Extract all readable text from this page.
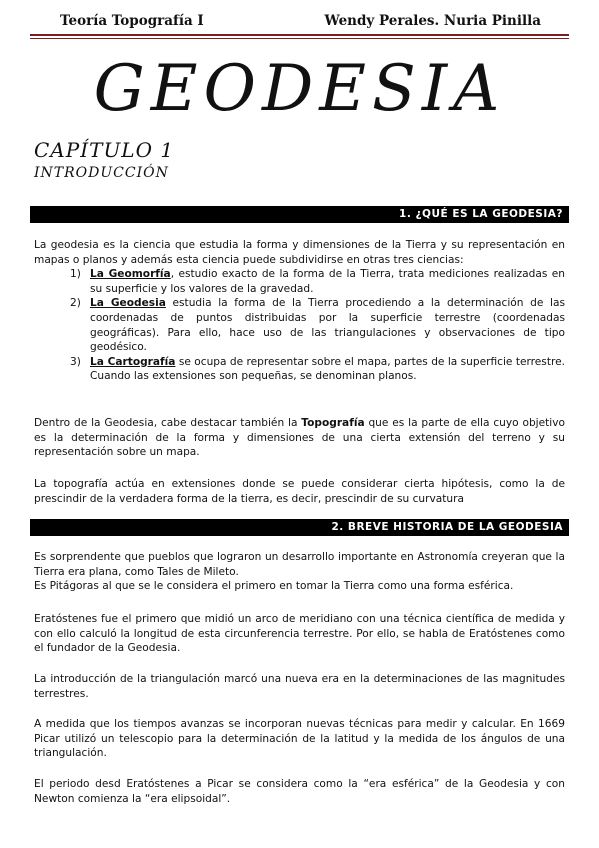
Teoría Topografía I	Wendy Perales. Nuria Pinilla
GEODESIA
CAPÍTULO 1
INTRODUCCIÓN
1. ¿QUÉ ES LA GEODESIA?

La geodesia es la ciencia que estudia la forma y dimensiones de la Tierra y su representación en mapas o planos y además esta ciencia puede subdividirse en otras tres ciencias:

1) La Geomorfía, estudio exacto de la forma de la Tierra, trata mediciones realizadas en su superficie y los valores de la gravedad.
2) La Geodesia estudia la forma de la Tierra procediendo a la determinación de las coordenadas de puntos distribuidas por la superficie terrestre (coordenadas geográficas). Para ello, hace uso de las triangulaciones y observaciones de tipo geodésico.
3) La Cartografía se ocupa de representar sobre el mapa, partes de la superficie terrestre. Cuando las extensiones son pequeñas, se denominan planos.

Dentro de la Geodesia, cabe destacar también la Topografía que es la parte de ella cuyo objetivo es la determinación de la forma y dimensiones de una cierta extensión del terreno y su representación sobre un mapa.

La topografía actúa en extensiones donde se puede considerar cierta hipótesis, como la de prescindir de la verdadera forma de la tierra, es decir, prescindir de su curvatura

2. BREVE HISTORIA DE LA GEODESIA

Es sorprendente que pueblos que lograron un desarrollo importante en Astronomía creyeran que la Tierra era plana, como Tales de Mileto.

Es Pitágoras al que se le considera el primero en tomar la Tierra como una forma esférica.

Eratóstenes fue el primero que midió un arco de meridiano con una técnica científica de medida y con ello calculó la longitud de esta circunferencia terrestre. Por ello, se habla de Eratóstenes como el fundador de la Geodesia.

La introducción de la triangulación marcó una nueva era en la determinaciones de las magnitudes terrestres.

A medida que los tiempos avanzas se incorporan nuevas técnicas para medir y calcular. En 1669 Picar utilizó un telescopio para la determinación de la latitud y la medida de los ángulos de una triangulación.

El periodo desd Eratóstenes a Picar se considera como la “era esférica” de la Geodesia y con Newton comienza la “era elipsoidal”.
